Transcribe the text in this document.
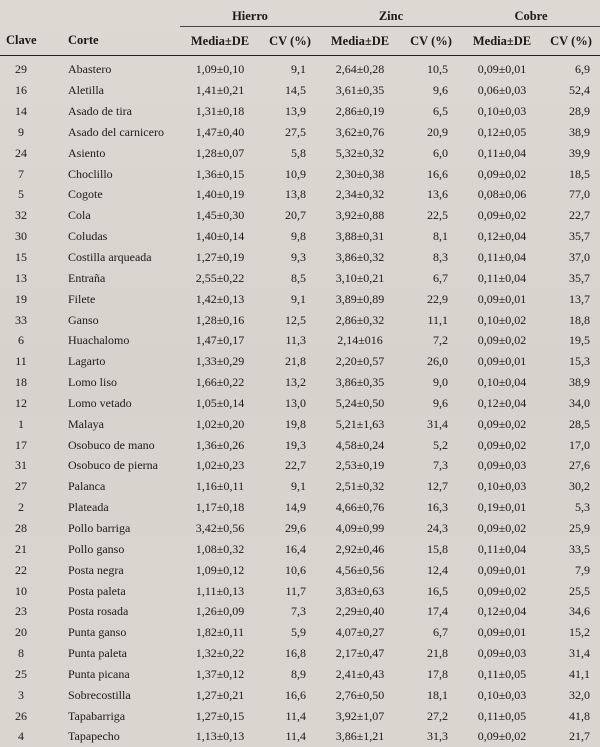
		Hierro		Zinc		Cobre	
Clave	Corte	Media±DE	CV (%)	Media±DE	CV (%)	Media±DE	CV (%)
29	Abastero	1,09±0,10	9,1	2,64±0,28	10,5	0,09±0,01	6,9
16	Aletilla	1,41±0,21	14,5	3,61±0,35	9,6	0,06±0,03	52,4
14	Asado de tira	1,31±0,18	13,9	2,86±0,19	6,5	0,10±0,03	28,9
9	Asado del carnicero	1,47±0,40	27,5	3,62±0,76	20,9	0,12±0,05	38,9
24	Asiento	1,28±0,07	5,8	5,32±0,32	6,0	0,11±0,04	39,9
7	Choclillo	1,36±0,15	10,9	2,30±0,38	16,6	0,09±0,02	18,5
5	Cogote	1,40±0,19	13,8	2,34±0,32	13,6	0,08±0,06	77,0
32	Cola	1,45±0,30	20,7	3,92±0,88	22,5	0,09±0,02	22,7
30	Coludas	1,40±0,14	9,8	3,88±0,31	8,1	0,12±0,04	35,7
15	Costilla arqueada	1,27±0,19	9,3	3,86±0,32	8,3	0,11±0,04	37,0
13	Entraña	2,55±0,22	8,5	3,10±0,21	6,7	0,11±0,04	35,7
19	Filete	1,42±0,13	9,1	3,89±0,89	22,9	0,09±0,01	13,7
33	Ganso	1,28±0,16	12,5	2,86±0,32	11,1	0,10±0,02	18,8
6	Huachalomo	1,47±0,17	11,3	2,14±016	7,2	0,09±0,02	19,5
11	Lagarto	1,33±0,29	21,8	2,20±0,57	26,0	0,09±0,01	15,3
18	Lomo liso	1,66±0,22	13,2	3,86±0,35	9,0	0,10±0,04	38,9
12	Lomo vetado	1,05±0,14	13,0	5,24±0,50	9,6	0,12±0,04	34,0
1	Malaya	1,02±0,20	19,8	5,21±1,63	31,4	0,09±0,02	28,5
17	Osobuco de mano	1,36±0,26	19,3	4,58±0,24	5,2	0,09±0,02	17,0
31	Osobuco de pierna	1,02±0,23	22,7	2,53±0,19	7,3	0,09±0,03	27,6
27	Palanca	1,16±0,11	9,1	2,51±0,32	12,7	0,10±0,03	30,2
2	Plateada	1,17±0,18	14,9	4,66±0,76	16,3	0,19±0,01	5,3
28	Pollo barriga	3,42±0,56	29,6	4,09±0,99	24,3	0,09±0,02	25,9
21	Pollo ganso	1,08±0,32	16,4	2,92±0,46	15,8	0,11±0,04	33,5
22	Posta negra	1,09±0,12	10,6	4,56±0,56	12,4	0,09±0,01	7,9
10	Posta paleta	1,11±0,13	11,7	3,83±0,63	16,5	0,09±0,02	25,5
23	Posta rosada	1,26±0,09	7,3	2,29±0,40	17,4	0,12±0,04	34,6
20	Punta ganso	1,82±0,11	5,9	4,07±0,27	6,7	0,09±0,01	15,2
8	Punta paleta	1,32±0,22	16,8	2,17±0,47	21,8	0,09±0,03	31,4
25	Punta picana	1,37±0,12	8,9	2,41±0,43	17,8	0,11±0,05	41,1
3	Sobrecostilla	1,27±0,21	16,6	2,76±0,50	18,1	0,10±0,03	32,0
26	Tapabarriga	1,27±0,15	11,4	3,92±1,07	27,2	0,11±0,05	41,8
4	Tapapecho	1,13±0,13	11,4	3,86±1,21	31,3	0,09±0,02	21,7
